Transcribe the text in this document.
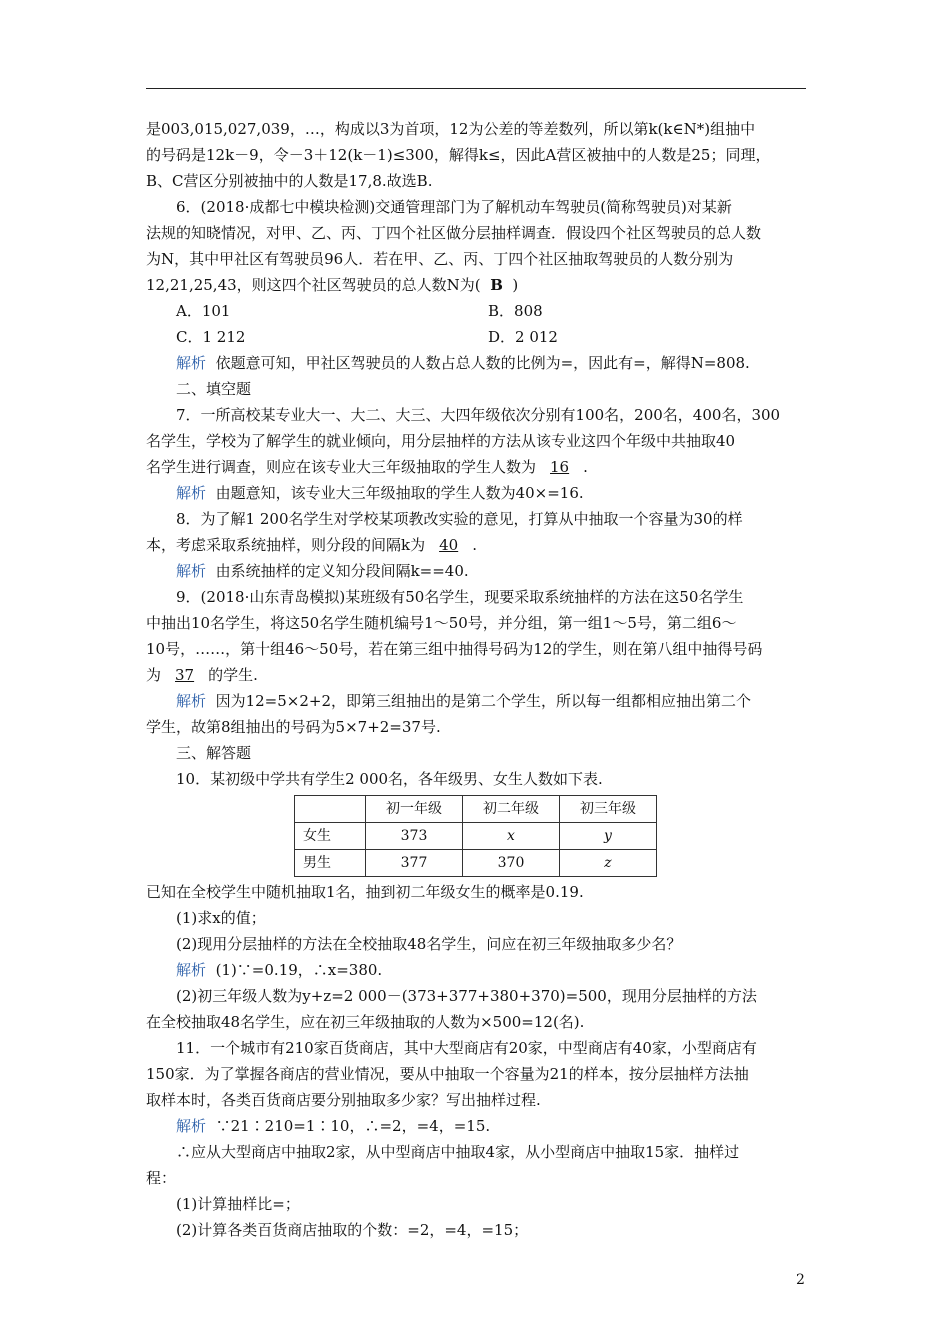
是003,015,027,039，…，构成以3为首项，12为公差的等差数列，所以第k(k∈N*)组抽中
的号码是12k－9，令－3＋12(k－1)≤300，解得k≤，因此A营区被抽中的人数是25；同理，
B、C营区分别被抽中的人数是17,8.故选B.
6．(2018·成都七中模块检测)交通管理部门为了解机动车驾驶员(简称驾驶员)对某新
法规的知晓情况，对甲、乙、丙、丁四个社区做分层抽样调查．假设四个社区驾驶员的总人数
为N，其中甲社区有驾驶员96人．若在甲、乙、丙、丁四个社区抽取驾驶员的人数分别为
12,21,25,43，则这四个社区驾驶员的总人数N为( B )
A．101	B．808
C．1 212	D．2 012
解析 依题意可知，甲社区驾驶员的人数占总人数的比例为=，因此有=，解得N=808.
二、填空题
7．一所高校某专业大一、大二、大三、大四年级依次分别有100名，200名，400名，300
名学生，学校为了解学生的就业倾向，用分层抽样的方法从该专业这四个年级中共抽取40
名学生进行调查，则应在该专业大三年级抽取的学生人数为 16 .
解析 由题意知，该专业大三年级抽取的学生人数为40×=16.
8．为了解1 200名学生对学校某项教改实验的意见，打算从中抽取一个容量为30的样
本，考虑采取系统抽样，则分段的间隔k为 40 .
解析 由系统抽样的定义知分段间隔k==40.
9．(2018·山东青岛模拟)某班级有50名学生，现要采取系统抽样的方法在这50名学生
中抽出10名学生，将这50名学生随机编号1～50号，并分组，第一组1～5号，第二组6～
10号，……，第十组46～50号，若在第三组中抽得号码为12的学生，则在第八组中抽得号码
为 37 的学生.
解析 因为12=5×2+2，即第三组抽出的是第二个学生，所以每一组都相应抽出第二个
学生，故第8组抽出的号码为5×7+2=37号.
三、解答题
10．某初级中学共有学生2 000名，各年级男、女生人数如下表.
	初一年级	初二年级	初三年级
女生	373	x	y
男生	377	370	z
已知在全校学生中随机抽取1名，抽到初二年级女生的概率是0.19.
(1)求x的值；
(2)现用分层抽样的方法在全校抽取48名学生，问应在初三年级抽取多少名？
解析 (1)∵=0.19，∴x=380.
(2)初三年级人数为y+z=2 000－(373+377+380+370)=500，现用分层抽样的方法
在全校抽取48名学生，应在初三年级抽取的人数为×500=12(名).
11．一个城市有210家百货商店，其中大型商店有20家，中型商店有40家，小型商店有
150家．为了掌握各商店的营业情况，要从中抽取一个容量为21的样本，按分层抽样方法抽
取样本时，各类百货商店要分别抽取多少家？写出抽样过程.
解析 ∵21∶210=1∶10，∴=2，=4，=15.
∴应从大型商店中抽取2家，从中型商店中抽取4家，从小型商店中抽取15家．抽样过
程：
(1)计算抽样比=；
(2)计算各类百货商店抽取的个数：=2，=4，=15；
2
